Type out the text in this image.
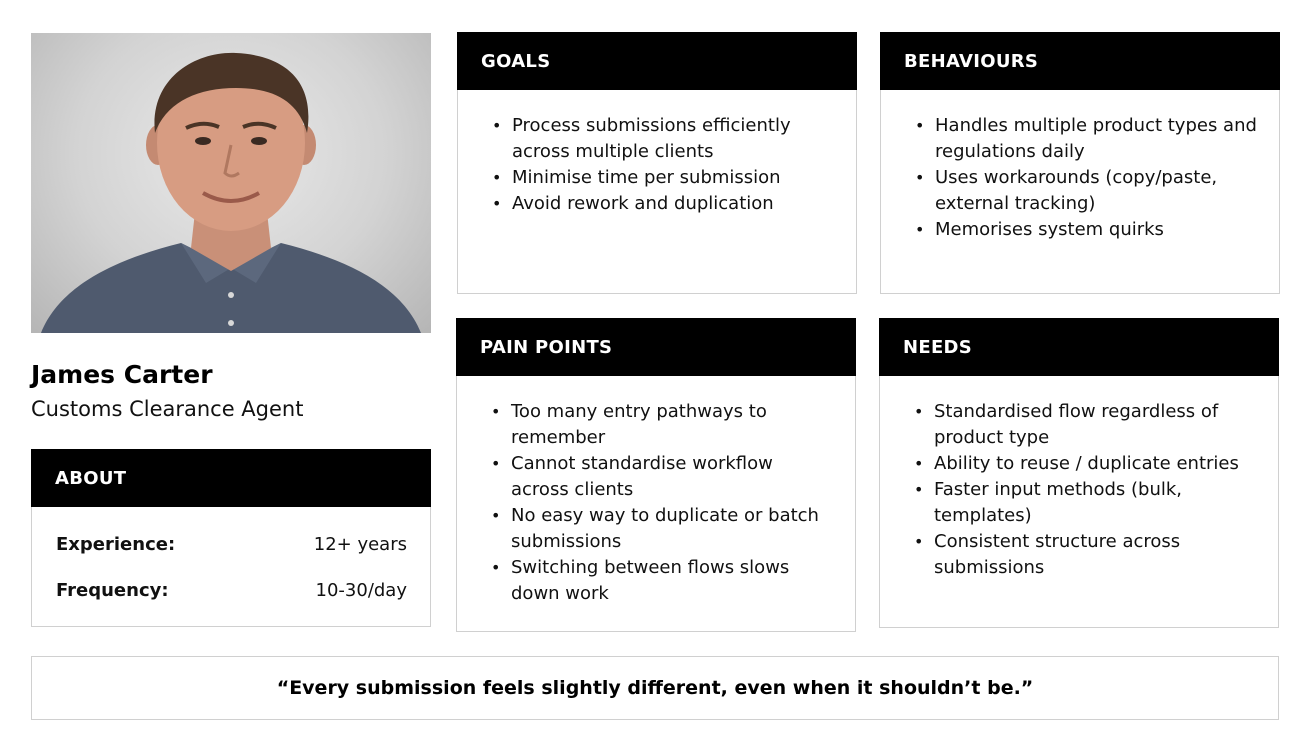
James Carter
Customs Clearance Agent
ABOUT
Experience:	12+ years
Frequency:	10-30/day
GOALS
• Process submissions efficiently across multiple clients
• Minimise time per submission
• Avoid rework and duplication
BEHAVIOURS
• Handles multiple product types and regulations daily
• Uses workarounds (copy/paste, external tracking)
• Memorises system quirks
PAIN POINTS
• Too many entry pathways to remember
• Cannot standardise workflow across clients
• No easy way to duplicate or batch submissions
• Switching between flows slows down work
NEEDS
• Standardised flow regardless of product type
• Ability to reuse / duplicate entries
• Faster input methods (bulk, templates)
• Consistent structure across submissions
“Every submission feels slightly different, even when it shouldn’t be.”
